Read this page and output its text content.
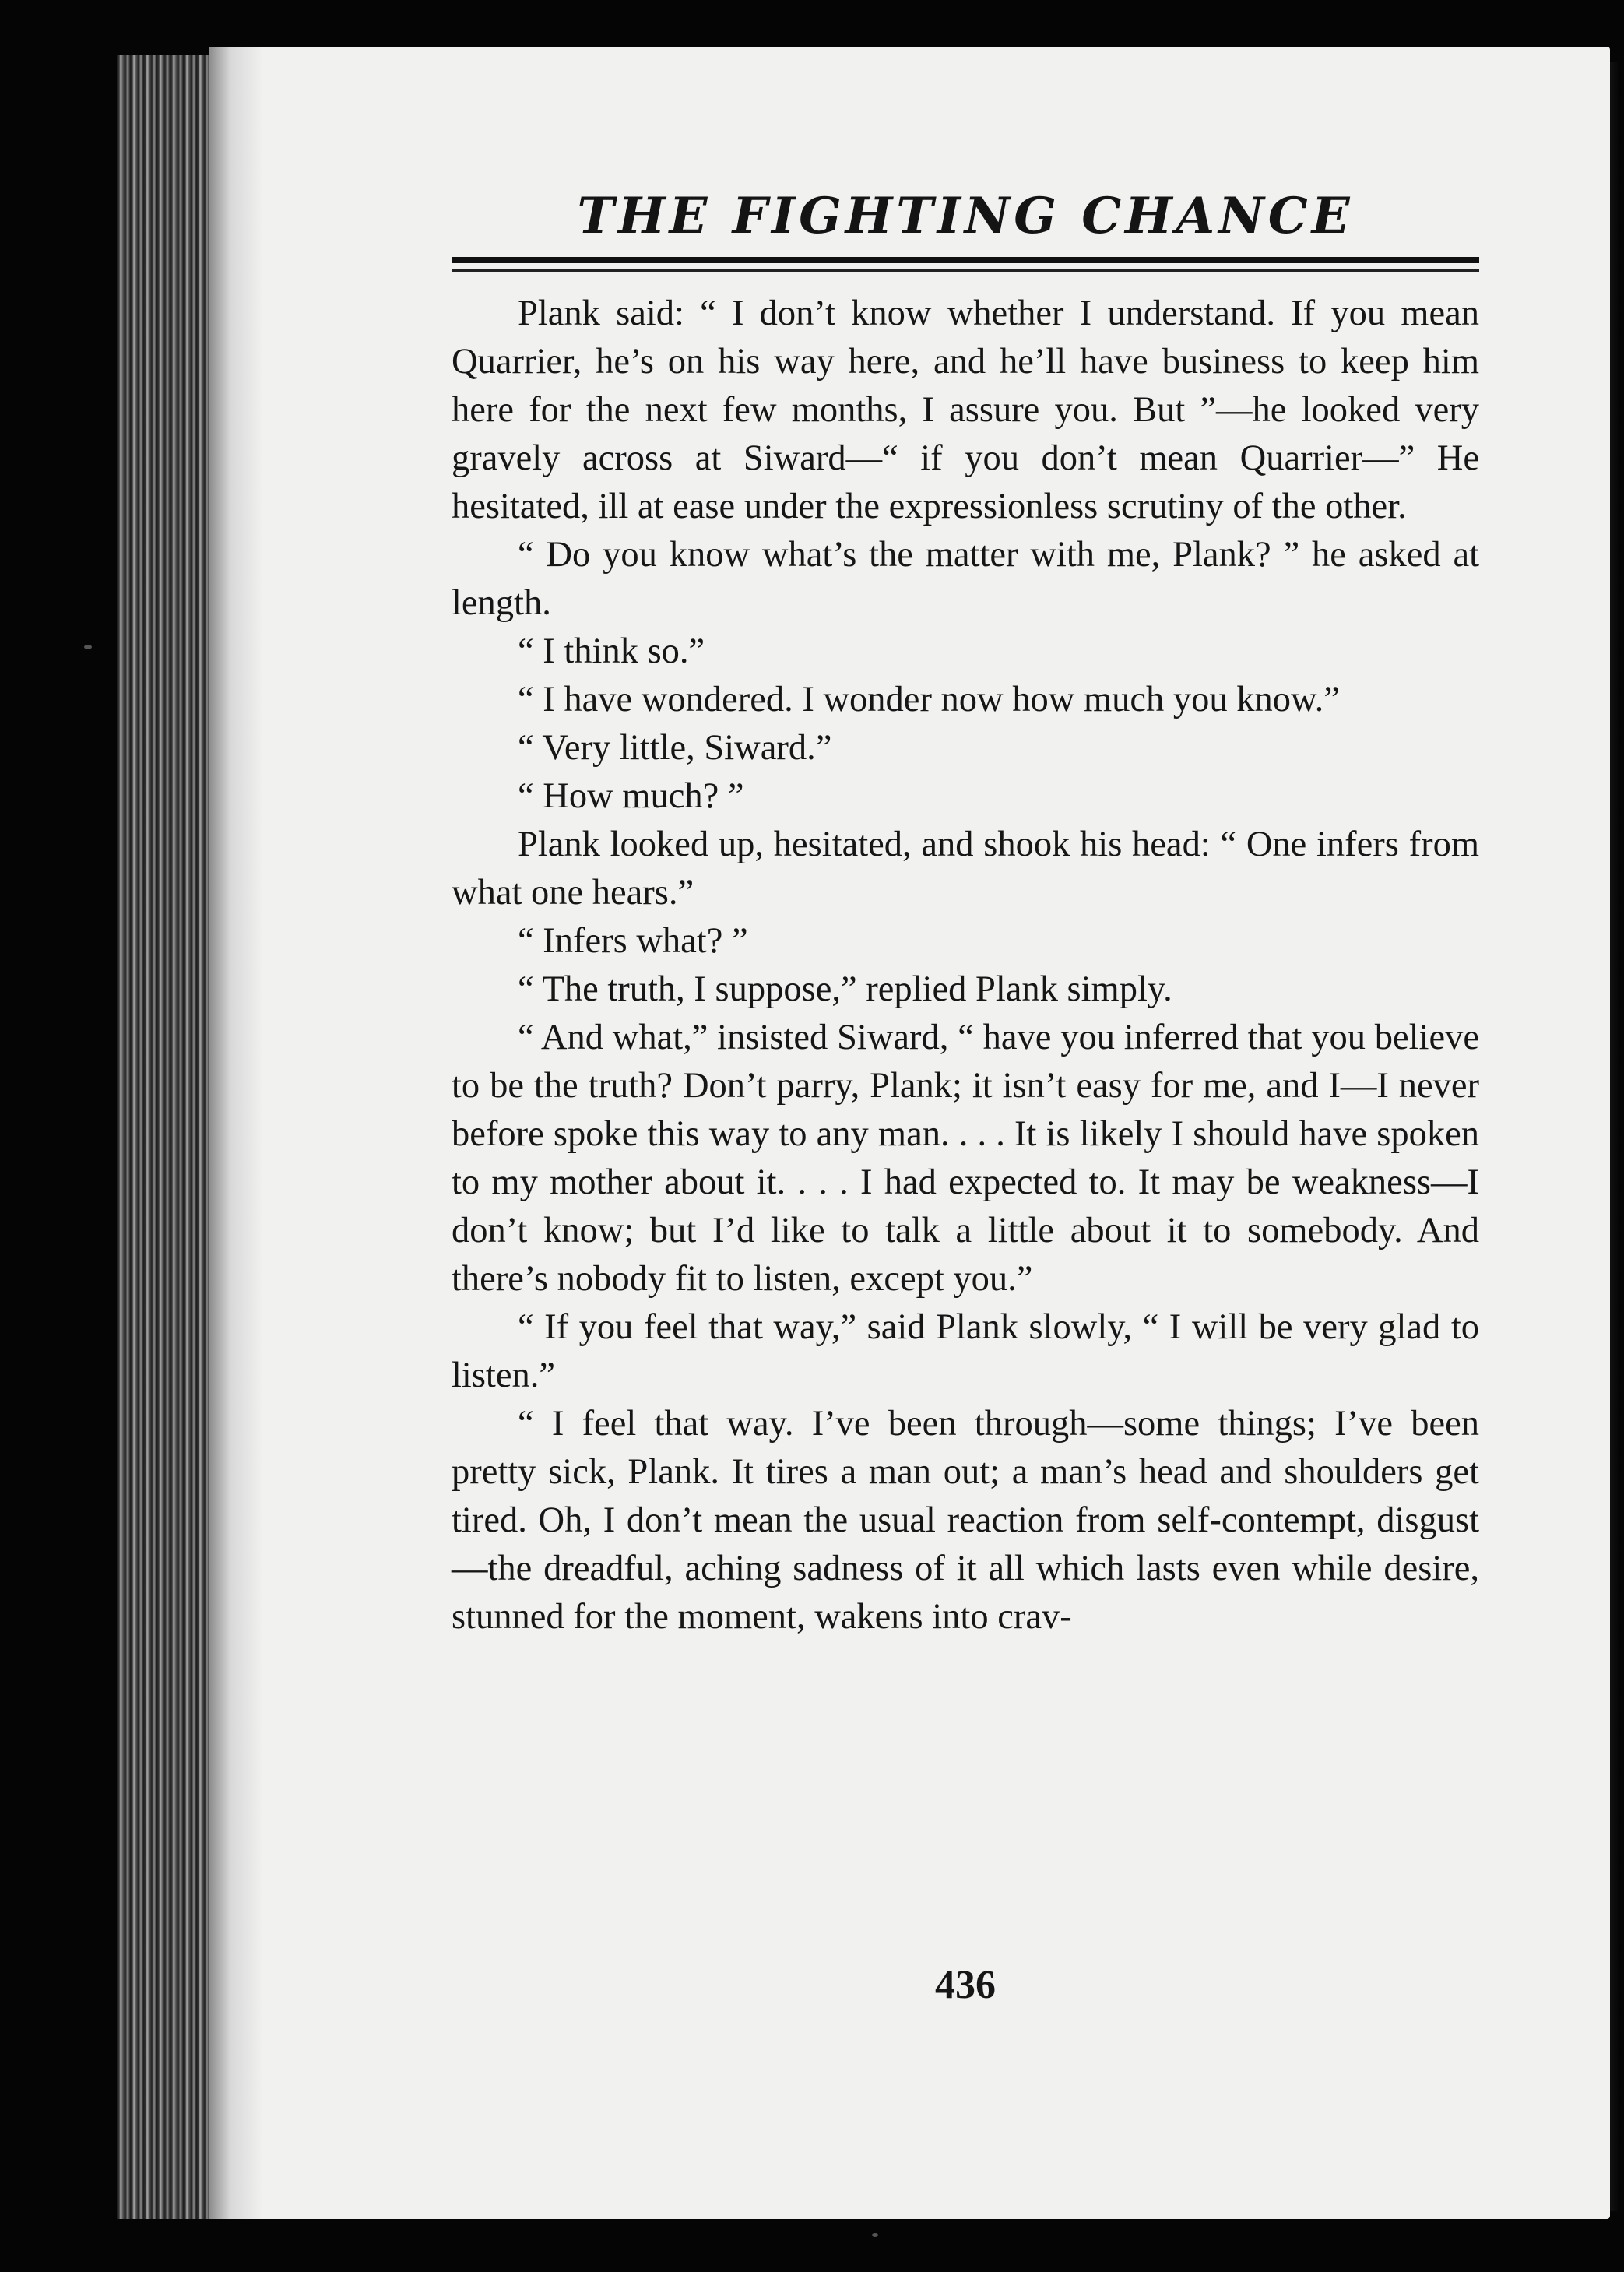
THE FIGHTING CHANCE

Plank said: “ I don’t know whether I understand. If you mean Quarrier, he’s on his way here, and he’ll have business to keep him here for the next few months, I assure you. But ”—he looked very gravely across at Siward—“ if you don’t mean Quarrier—” He hesitated, ill at ease under the expressionless scrutiny of the other.

“ Do you know what’s the matter with me, Plank? ” he asked at length.

“ I think so.”

“ I have wondered. I wonder now how much you know.”

“ Very little, Siward.”

“ How much? ”

Plank looked up, hesitated, and shook his head: “ One infers from what one hears.”

“ Infers what? ”

“ The truth, I suppose,” replied Plank simply.

“ And what,” insisted Siward, “ have you inferred that you believe to be the truth? Don’t parry, Plank; it isn’t easy for me, and I—I never before spoke this way to any man. . . . It is likely I should have spoken to my mother about it. . . . I had expected to. It may be weakness—I don’t know; but I’d like to talk a little about it to somebody. And there’s nobody fit to listen, except you.”

“ If you feel that way,” said Plank slowly, “ I will be very glad to listen.”

“ I feel that way. I’ve been through—some things; I’ve been pretty sick, Plank. It tires a man out; a man’s head and shoulders get tired. Oh, I don’t mean the usual reaction from self-contempt, disgust—the dreadful, aching sadness of it all which lasts even while desire, stunned for the moment, wakens into crav-

436
